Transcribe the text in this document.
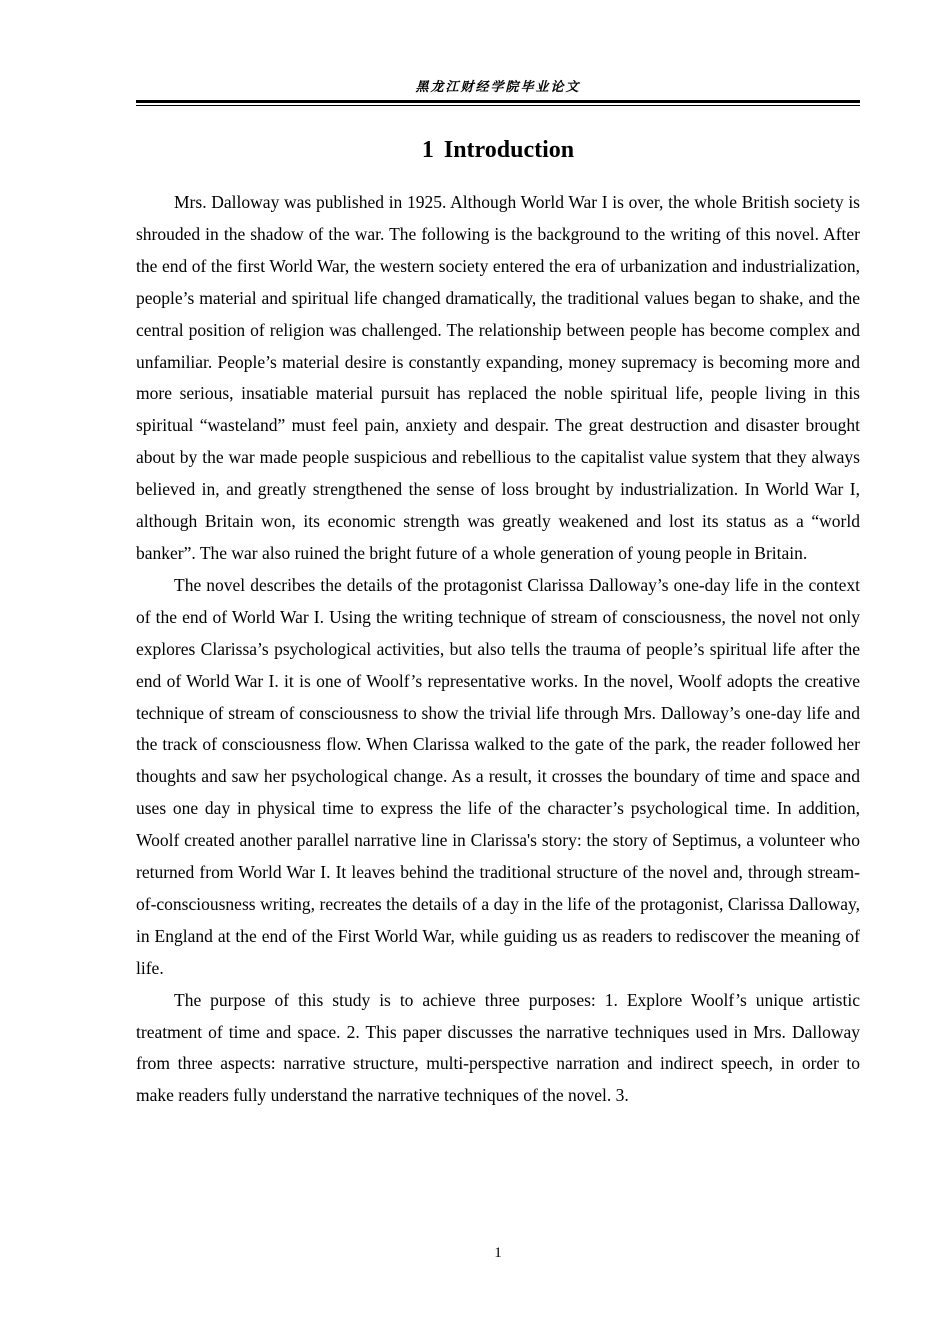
黑龙江财经学院毕业论文
1 Introduction

Mrs. Dalloway was published in 1925. Although World War I is over, the whole British society is shrouded in the shadow of the war. The following is the background to the writing of this novel. After the end of the first World War, the western society entered the era of urbanization and industrialization, people’s material and spiritual life changed dramatically, the traditional values began to shake, and the central position of religion was challenged. The relationship between people has become complex and unfamiliar. People’s material desire is constantly expanding, money supremacy is becoming more and more serious, insatiable material pursuit has replaced the noble spiritual life, people living in this spiritual “wasteland” must feel pain, anxiety and despair. The great destruction and disaster brought about by the war made people suspicious and rebellious to the capitalist value system that they always believed in, and greatly strengthened the sense of loss brought by industrialization. In World War I, although Britain won, its economic strength was greatly weakened and lost its status as a “world banker”. The war also ruined the bright future of a whole generation of young people in Britain.

The novel describes the details of the protagonist Clarissa Dalloway’s one-day life in the context of the end of World War I. Using the writing technique of stream of consciousness, the novel not only explores Clarissa’s psychological activities, but also tells the trauma of people’s spiritual life after the end of World War I. it is one of Woolf’s representative works. In the novel, Woolf adopts the creative technique of stream of consciousness to show the trivial life through Mrs. Dalloway’s one-day life and the track of consciousness flow. When Clarissa walked to the gate of the park, the reader followed her thoughts and saw her psychological change. As a result, it crosses the boundary of time and space and uses one day in physical time to express the life of the character’s psychological time. In addition, Woolf created another parallel narrative line in Clarissa's story: the story of Septimus, a volunteer who returned from World War I. It leaves behind the traditional structure of the novel and, through stream-of-consciousness writing, recreates the details of a day in the life of the protagonist, Clarissa Dalloway, in England at the end of the First World War, while guiding us as readers to rediscover the meaning of life.

The purpose of this study is to achieve three purposes: 1. Explore Woolf’s unique artistic treatment of time and space. 2. This paper discusses the narrative techniques used in Mrs. Dalloway from three aspects: narrative structure, multi-perspective narration and indirect speech, in order to make readers fully understand the narrative techniques of the novel. 3.

1
